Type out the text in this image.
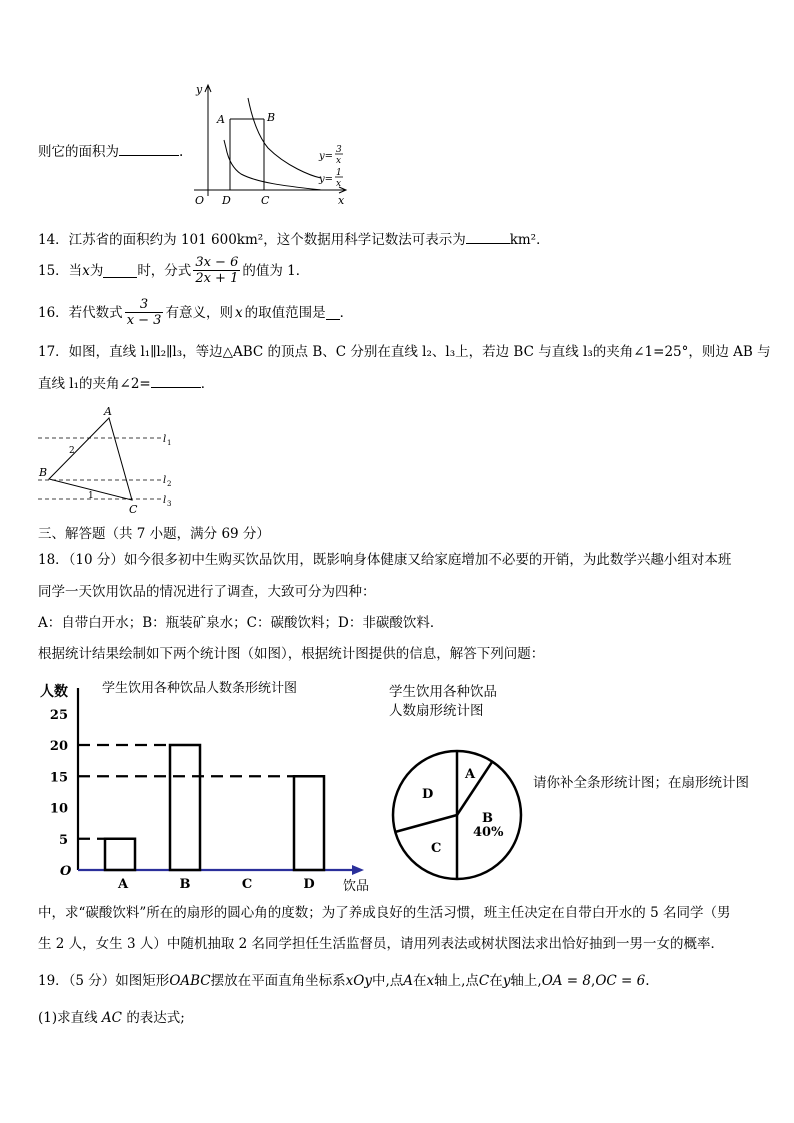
则它的面积为	.
y
x
O
A	B
D	C
y=
3
x
y=
1
x
14．江苏省的面积约为 101 600km²，这个数据用科学记数法可表示为	km²．
15．当 x 为	时，分式 $\frac{3x - 6}{2x + 1}$ 的值为 1．
16．若代数式 $\frac{3}{x - 3}$ 有意义，则 x 的取值范围是 ．
17．如图，直线 l₁∥l₂∥l₃，等边△ABC 的顶点 B、C 分别在直线 l₂、l₃上，若边 BC 与直线 l₃的夹角∠1=25°，则边 AB 与
直线 l₁的夹角∠2=	．
A
B
C
2
1
l 1
l 2
l 3
三、解答题（共 7 小题，满分 69 分）
18．（10 分）如今很多初中生购买饮品饮用，既影响身体健康又给家庭增加不必要的开销，为此数学兴趣小组对本班
同学一天饮用饮品的情况进行了调查，大致可分为四种：
A：自带白开水；B：瓶装矿泉水；C：碳酸饮料；D：非碳酸饮料．
根据统计结果绘制如下两个统计图（如图），根据统计图提供的信息，解答下列问题：
学生饮用各种饮品人数条形统计图
人数
饮品
O
5
10
15
20
25
A	B	C	D
学生饮用各种饮品
人数扇形统计图
A
B
40%
C
D
请你补全条形统计图；在扇形统计图
中，求“碳酸饮料”所在的扇形的圆心角的度数；为了养成良好的生活习惯，班主任决定在自带白开水的 5 名同学（男
生 2 人，女生 3 人）中随机抽取 2 名同学担任生活监督员，请用列表法或树状图法求出恰好抽到一男一女的概率．
19．（5 分）如图矩形OABC摆放在平面直角坐标系xOy中,点A在x轴上,点C在y轴上,OA = 8,OC = 6.
(1)求直线 AC 的表达式;
